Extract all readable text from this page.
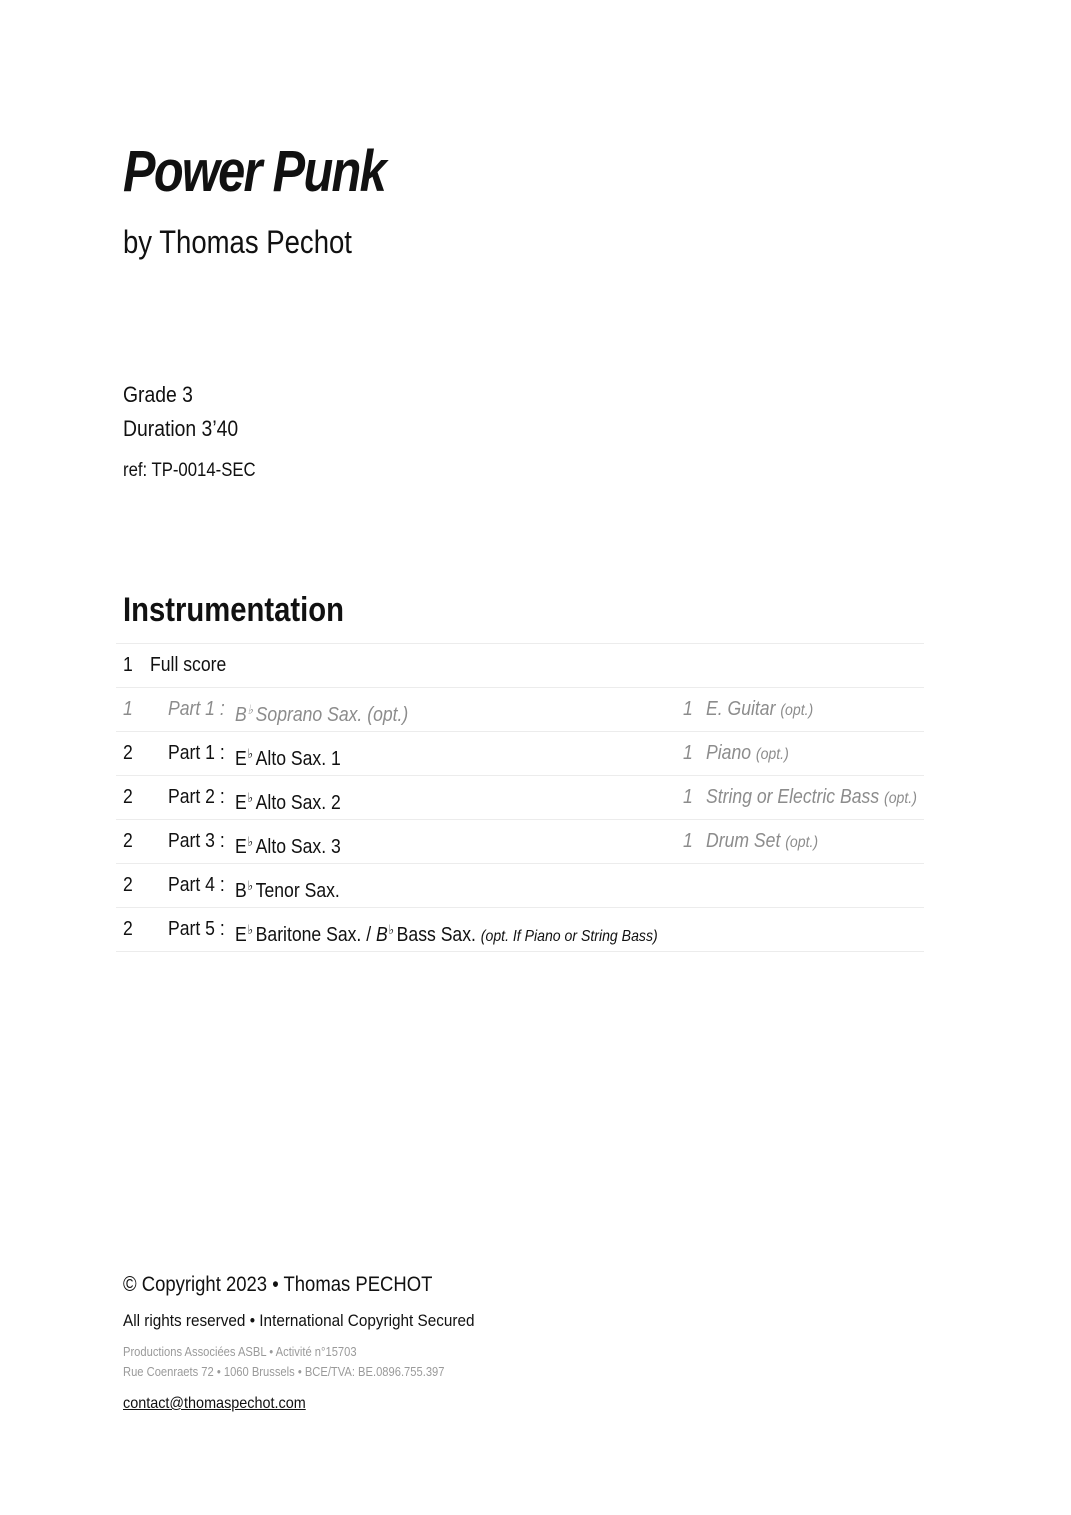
Power Punk
by Thomas Pechot
Grade 3
Duration 3’40
ref: TP-0014-SEC
Instrumentation
1 Full score
1 Part 1 : B♭ Soprano Sax. (opt.)	1 E. Guitar (opt.)
2 Part 1 : E♭ Alto Sax. 1	1 Piano (opt.)
2 Part 2 : E♭ Alto Sax. 2	1 String or Electric Bass (opt.)
2 Part 3 : E♭ Alto Sax. 3	1 Drum Set (opt.)
2 Part 4 : B♭ Tenor Sax.
2 Part 5 : E♭ Baritone Sax. / B♭ Bass Sax. (opt. If Piano or String Bass)
© Copyright 2023 • Thomas PECHOT
All rights reserved • International Copyright Secured
Productions Associées ASBL • Activité n°15703
Rue Coenraets 72 • 1060 Brussels • BCE/TVA: BE.0896.755.397
contact@thomaspechot.com
